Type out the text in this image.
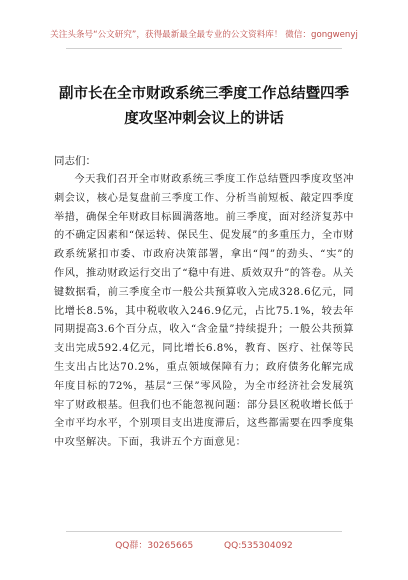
关注头条号“公文研究”，获得最新最全最专业的公文资料库！ 微信：gongwenyj
副市长在全市财政系统三季度工作总结暨四季度攻坚冲刺会议上的讲话
同志们：

今天我们召开全市财政系统三季度工作总结暨四季度攻坚冲刺会议，核心是复盘前三季度工作、分析当前短板、敲定四季度举措，确保全年财政目标圆满落地。前三季度，面对经济复苏中的不确定因素和“保运转、保民生、促发展”的多重压力，全市财政系统紧扣市委、市政府决策部署，拿出“闯”的劲头、“实”的作风，推动财政运行交出了“稳中有进、质效双升”的答卷。从关键数据看，前三季度全市一般公共预算收入完成328.6亿元，同比增长8.5%，其中税收收入246.9亿元，占比75.1%，较去年同期提高3.6个百分点，收入“含金量”持续提升；一般公共预算支出完成592.4亿元，同比增长6.8%，教育、医疗、社保等民生支出占比达70.2%，重点领域保障有力；政府债务化解完成年度目标的72%，基层“三保”零风险，为全市经济社会发展筑牢了财政根基。但我们也不能忽视问题：部分县区税收增长低于全市平均水平，个别项目支出进度滞后，这些都需要在四季度集中攻坚解决。下面，我讲五个方面意见：

QQ群：30265665	QQ:535304092
